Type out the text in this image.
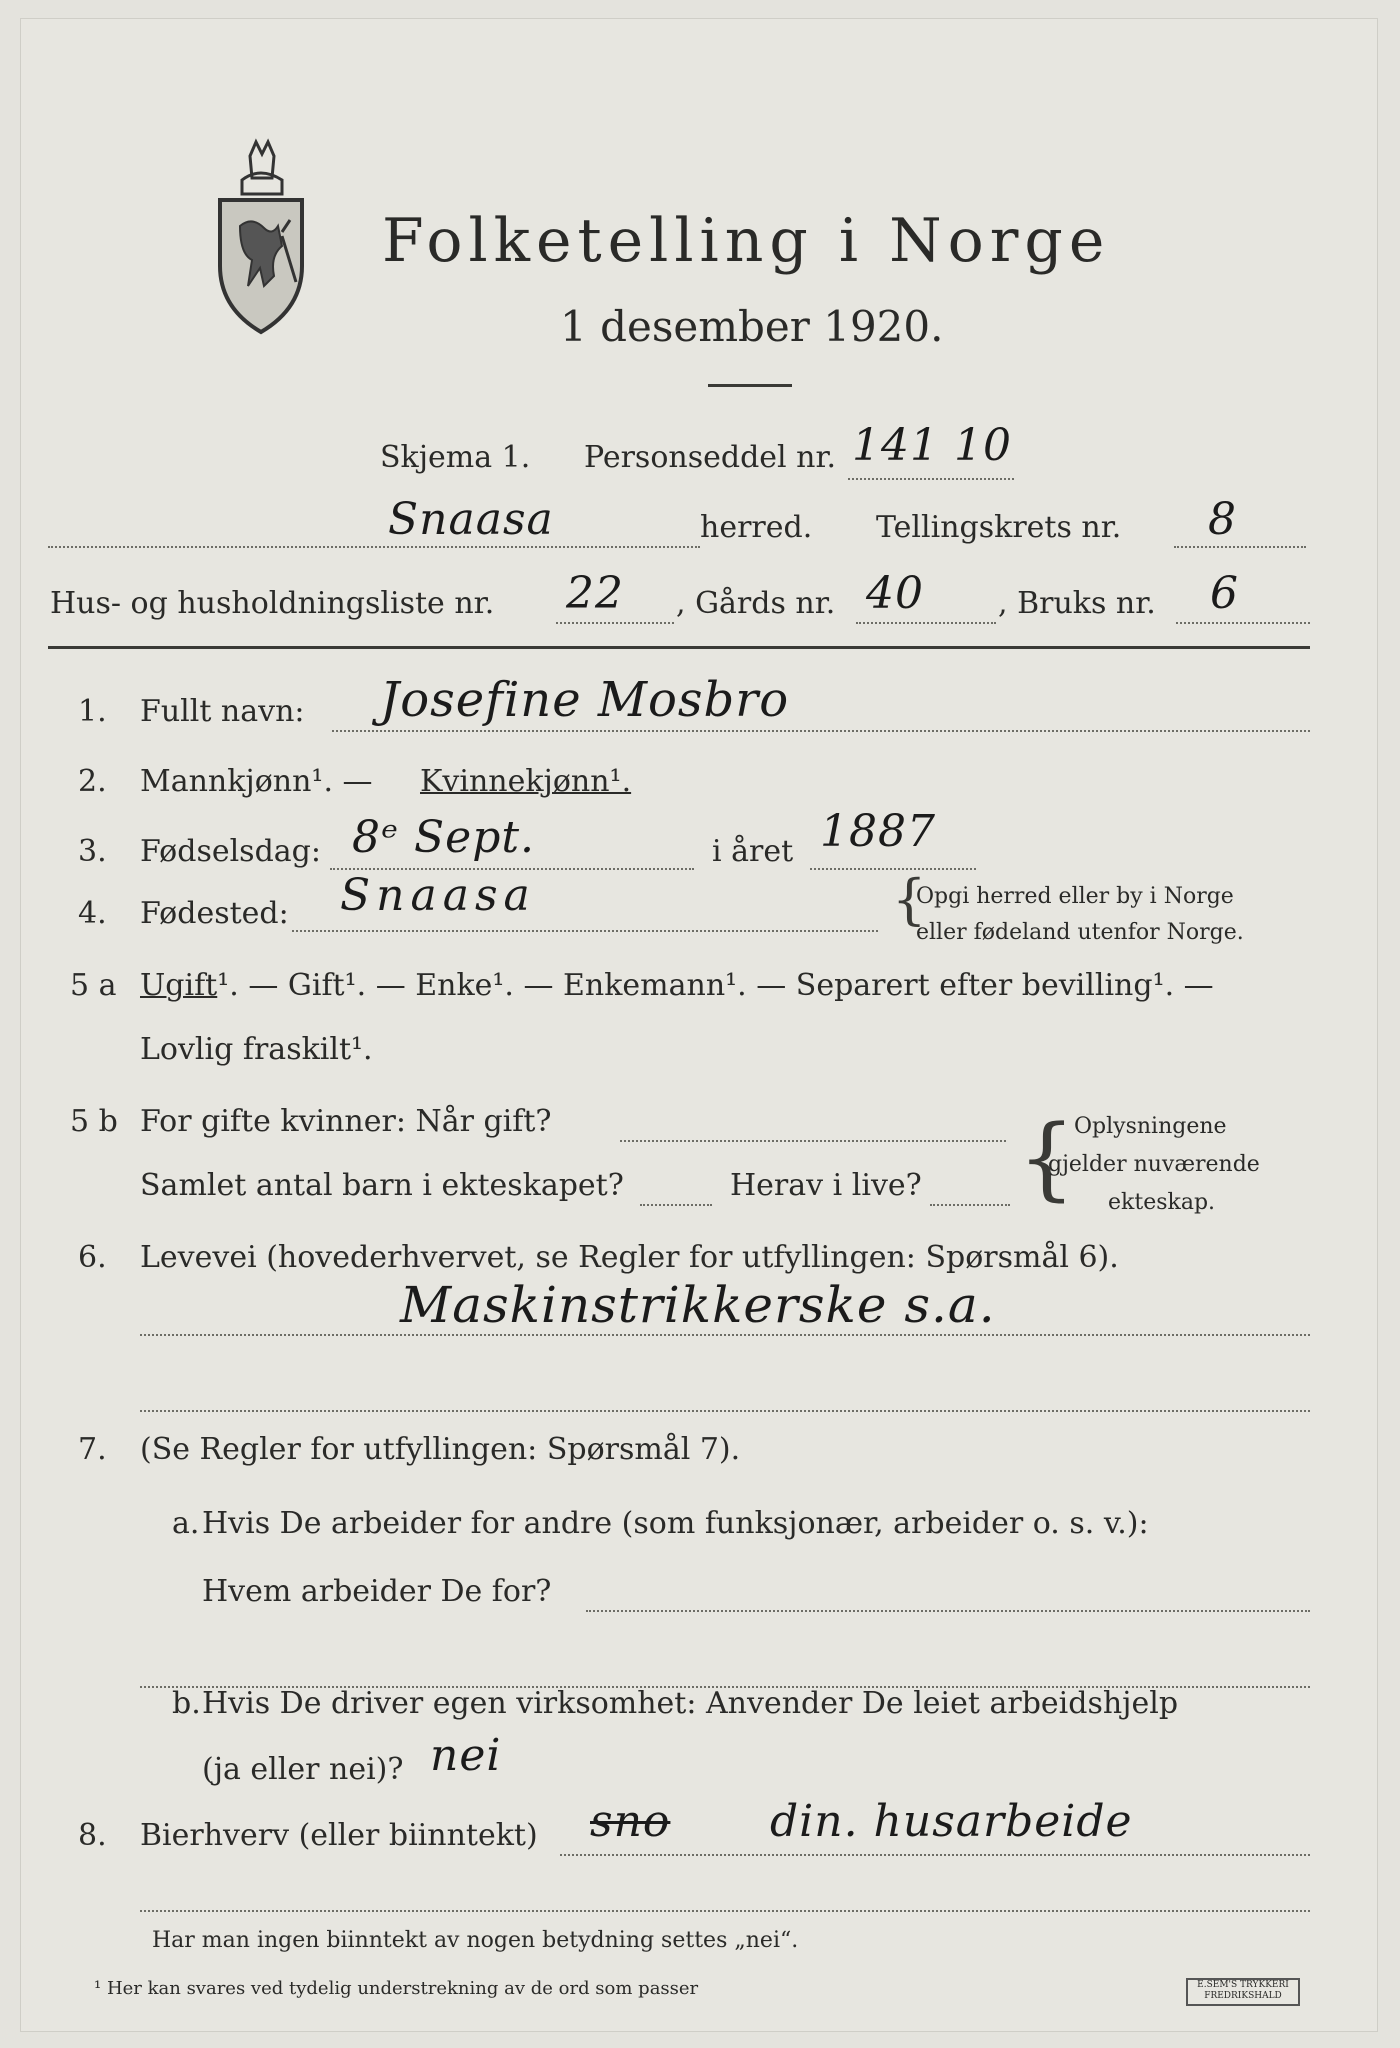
Folketelling i Norge
1 desember 1920.
Skjema 1. Personseddel nr. 141 10
Snaasa	herred. Tellingskrets nr. 8
Hus- og husholdningsliste nr. 22 , Gårds nr. 40 , Bruks nr. 6
1. Fullt navn: Josefine Mosbro
2. Mannkjønn¹. — Kvinnekjønn¹.
3. Fødselsdag: 8ᵉ Sept.	i året 1887
4. Fødested: Snaasa	{
Opgi herred eller by i Norge
eller fødeland utenfor Norge.
5 a Ugift¹. — Gift¹. — Enke¹. — Enkemann¹. — Separert efter bevilling¹. —
Lovlig fraskilt¹.
5 b For gifte kvinner: Når gift?
Samlet antal barn i ekteskapet?	Herav i live? {
Oplysningene
gjelder nuværende
ekteskap.
6. Levevei (hovederhvervet, se Regler for utfyllingen: Spørsmål 6).
Maskinstrikkerske s.a.
7. (Se Regler for utfyllingen: Spørsmål 7).
a. Hvis De arbeider for andre (som funksjonær, arbeider o. s. v.):
Hvem arbeider De for?
b. Hvis De driver egen virksomhet: Anvender De leiet arbeidshjelp
(ja eller nei)? nei
8. Bierhverv (eller biinntekt) sno din. husarbeide
Har man ingen biinntekt av nogen betydning settes „nei“.
¹ Her kan svares ved tydelig understrekning av de ord som passer	E.SEM'S TRYKKERI
FREDRIKSHALD
